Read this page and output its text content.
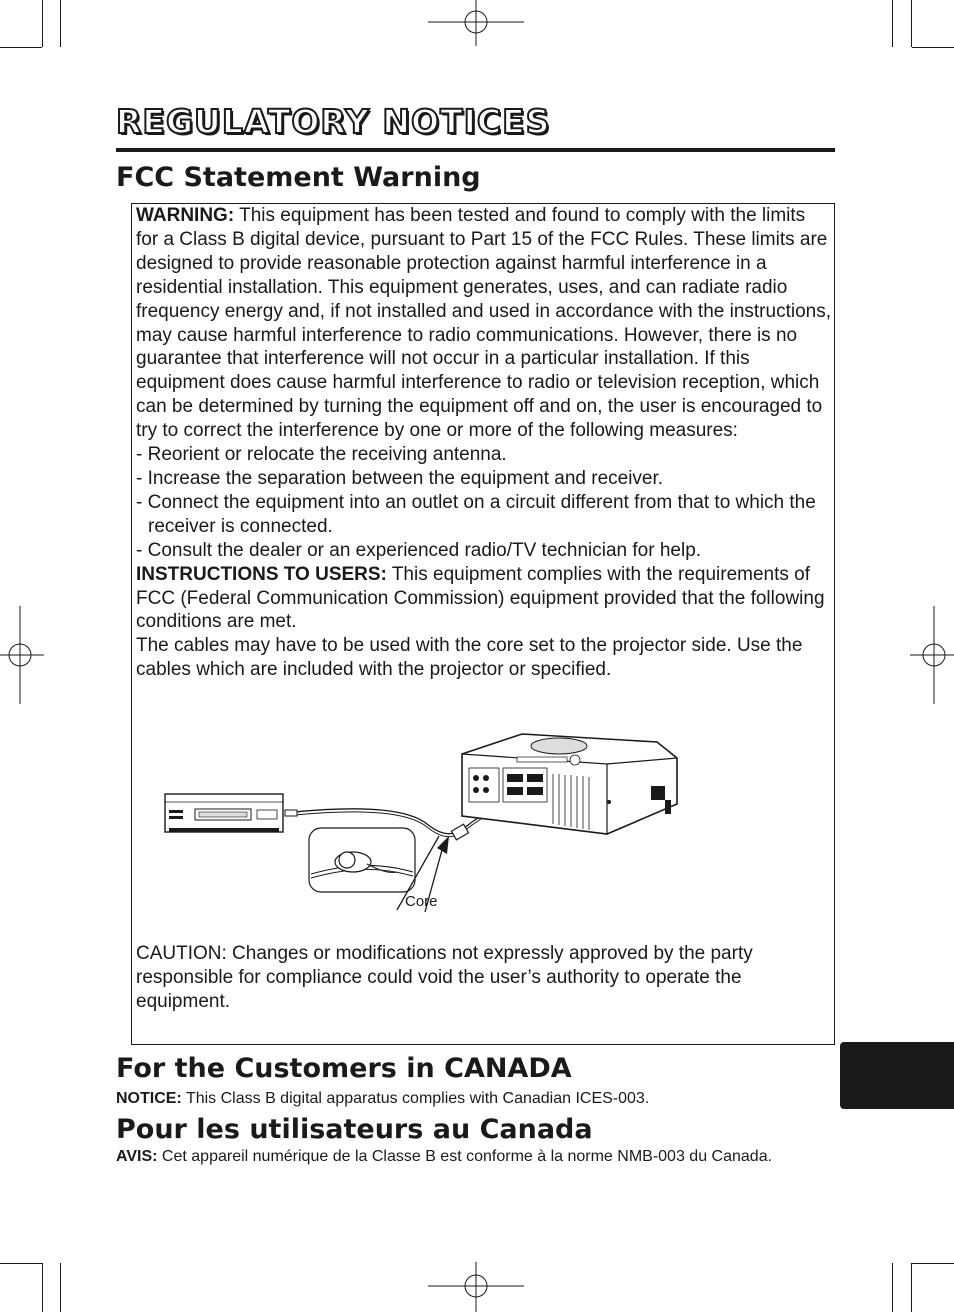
REGULATORY NOTICES
FCC Statement Warning

WARNING: This equipment has been tested and found to comply with the limits for a Class B digital device, pursuant to Part 15 of the FCC Rules. These limits are designed to provide reasonable protection against harmful interference in a residential installation. This equipment generates, uses, and can radiate radio frequency energy and, if not installed and used in accordance with the instructions, may cause harmful interference to radio communications. However, there is no guarantee that interference will not occur in a particular installation. If this equipment does cause harmful interference to radio or television reception, which can be determined by turning the equipment off and on, the user is encouraged to try to correct the interference by one or more of the following measures:

- Reorient or relocate the receiving antenna.

- Increase the separation between the equipment and receiver.

- Connect the equipment into an outlet on a circuit different from that to which the receiver is connected.

- Consult the dealer or an experienced radio/TV technician for help.

INSTRUCTIONS TO USERS: This equipment complies with the requirements of FCC (Federal Communication Commission) equipment provided that the following conditions are met.

The cables may have to be used with the core set to the projector side. Use the cables which are included with the projector or specified.

Core

CAUTION: Changes or modifications not expressly approved by the party responsible for compliance could void the user’s authority to operate the equipment.

For the Customers in CANADA

NOTICE: This Class B digital apparatus complies with Canadian ICES-003.

Pour les utilisateurs au Canada

AVIS: Cet appareil numérique de la Classe B est conforme à la norme NMB-003 du Canada.
